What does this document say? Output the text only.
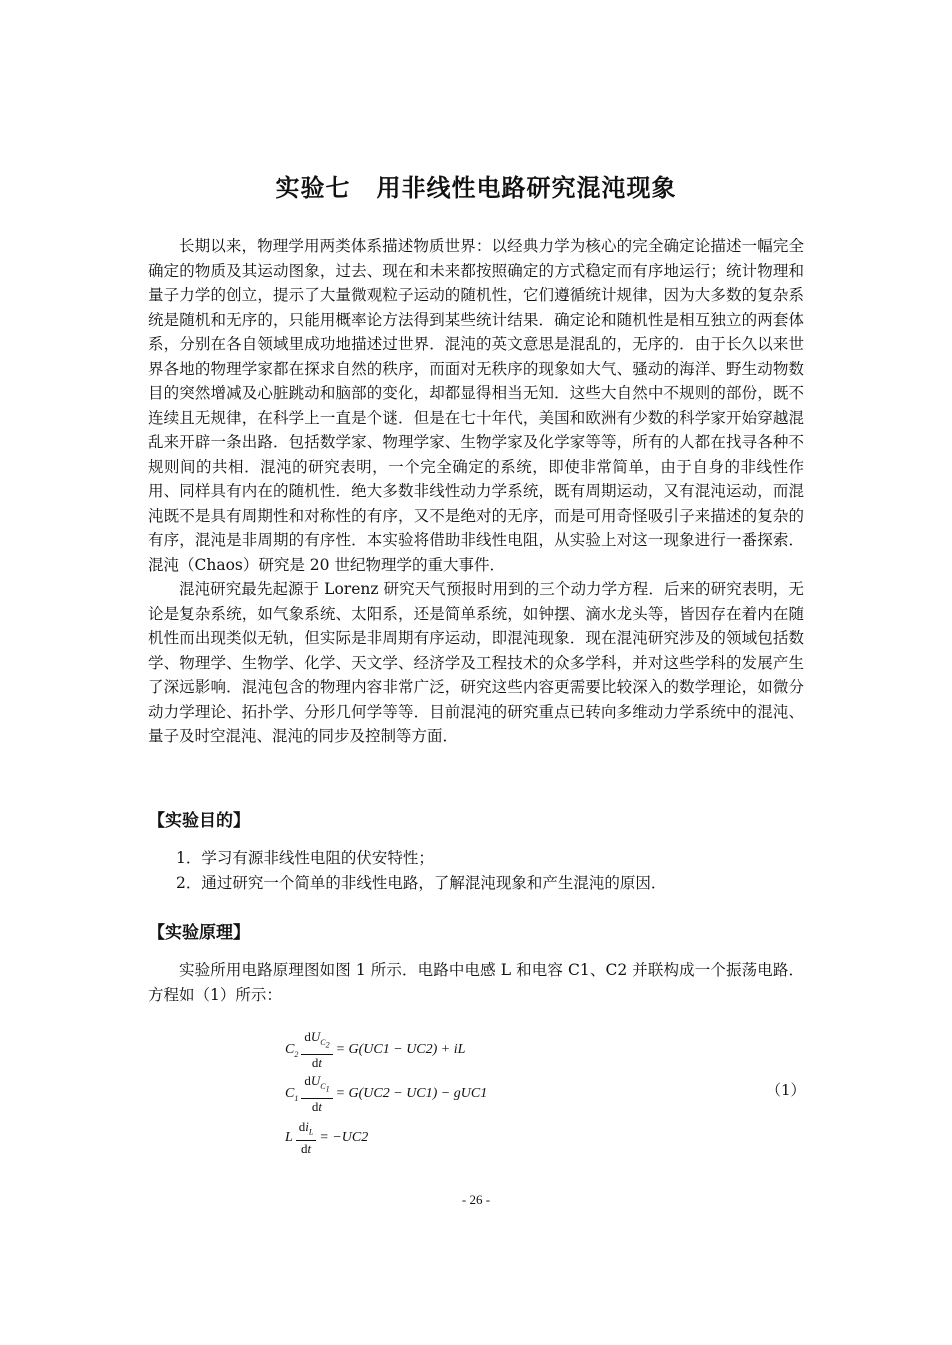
实验七 用非线性电路研究混沌现象

长期以来，物理学用两类体系描述物质世界：以经典力学为核心的完全确定论描述一幅完全确定的物质及其运动图象，过去、现在和未来都按照确定的方式稳定而有序地运行；统计物理和量子力学的创立，提示了大量微观粒子运动的随机性，它们遵循统计规律，因为大多数的复杂系统是随机和无序的，只能用概率论方法得到某些统计结果．确定论和随机性是相互独立的两套体系，分别在各自领域里成功地描述过世界．混沌的英文意思是混乱的，无序的．由于长久以来世界各地的物理学家都在探求自然的秩序，而面对无秩序的现象如大气、骚动的海洋、野生动物数目的突然增减及心脏跳动和脑部的变化，却都显得相当无知．这些大自然中不规则的部份，既不连续且无规律，在科学上一直是个谜．但是在七十年代，美国和欧洲有少数的科学家开始穿越混乱来开辟一条出路．包括数学家、物理学家、生物学家及化学家等等，所有的人都在找寻各种不规则间的共相．混沌的研究表明，一个完全确定的系统，即使非常简单，由于自身的非线性作用、同样具有内在的随机性．绝大多数非线性动力学系统，既有周期运动，又有混沌运动，而混沌既不是具有周期性和对称性的有序，又不是绝对的无序，而是可用奇怪吸引子来描述的复杂的有序，混沌是非周期的有序性．本实验将借助非线性电阻，从实验上对这一现象进行一番探索．混沌（Chaos）研究是 20 世纪物理学的重大事件．

混沌研究最先起源于 Lorenz 研究天气预报时用到的三个动力学方程．后来的研究表明，无论是复杂系统，如气象系统、太阳系，还是简单系统，如钟摆、滴水龙头等，皆因存在着内在随机性而出现类似无轨，但实际是非周期有序运动，即混沌现象．现在混沌研究涉及的领域包括数学、物理学、生物学、化学、天文学、经济学及工程技术的众多学科，并对这些学科的发展产生了深远影响．混沌包含的物理内容非常广泛，研究这些内容更需要比较深入的数学理论，如微分动力学理论、拓扑学、分形几何学等等．目前混沌的研究重点已转向多维动力学系统中的混沌、量子及时空混沌、混沌的同步及控制等方面．

【实验目的】
1．学习有源非线性电阻的伏安特性；
2．通过研究一个简单的非线性电路，了解混沌现象和产生混沌的原因．
【实验原理】

实验所用电路原理图如图 1 所示．电路中电感 L 和电容 C1、C2 并联构成一个振荡电路．方程如（1）所示：

$C_2 \frac{dU_{C_2}}{dt} = G(UC1 - UC2)$ + iL
$C_1 \frac{dU_{C_1}}{dt} = G(UC2 - UC1) - gUC1$
L $\frac{di_L}{dt} = -UC2$
（1）
- 26 -
